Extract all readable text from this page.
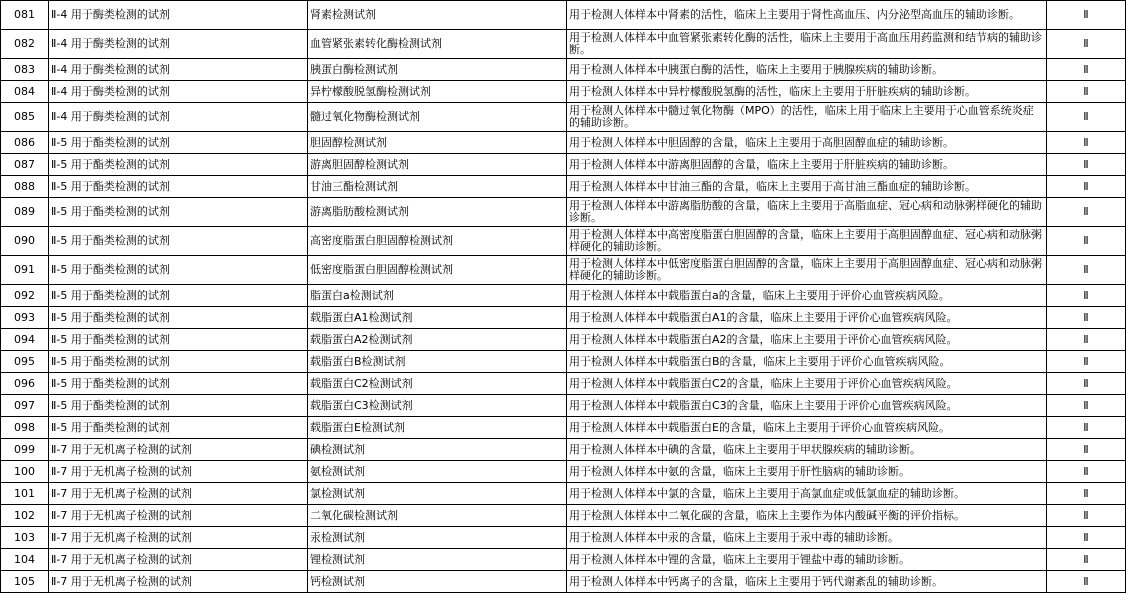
081	Ⅱ-4 用于酶类检测的试剂	肾素检测试剂	用于检测人体样本中肾素的活性，临床上主要用于肾性高血压、内分泌型高血压的辅助诊断。	Ⅱ
082	Ⅱ-4 用于酶类检测的试剂	血管紧张素转化酶检测试剂	用于检测人体样本中血管紧张素转化酶的活性，临床上主要用于高血压用药监测和结节病的辅助诊断。	Ⅱ
083	Ⅱ-4 用于酶类检测的试剂	胰蛋白酶检测试剂	用于检测人体样本中胰蛋白酶的活性，临床上主要用于胰腺疾病的辅助诊断。	Ⅱ
084	Ⅱ-4 用于酶类检测的试剂	异柠檬酸脱氢酶检测试剂	用于检测人体样本中异柠檬酸脱氢酶的活性，临床上主要用于肝脏疾病的辅助诊断。	Ⅱ
085	Ⅱ-4 用于酶类检测的试剂	髓过氧化物酶检测试剂	用于检测人体样本中髓过氧化物酶（MPO）的活性，临床上用于临床上主要用于心血管系统炎症的辅助诊断。	Ⅱ
086	Ⅱ-5 用于酯类检测的试剂	胆固醇检测试剂	用于检测人体样本中胆固醇的含量，临床上主要用于高胆固醇血症的辅助诊断。	Ⅱ
087	Ⅱ-5 用于酯类检测的试剂	游离胆固醇检测试剂	用于检测人体样本中游离胆固醇的含量，临床上主要用于肝脏疾病的辅助诊断。	Ⅱ
088	Ⅱ-5 用于酯类检测的试剂	甘油三酯检测试剂	用于检测人体样本中甘油三酯的含量，临床上主要用于高甘油三酯血症的辅助诊断。	Ⅱ
089	Ⅱ-5 用于酯类检测的试剂	游离脂肪酸检测试剂	用于检测人体样本中游离脂肪酸的含量，临床上主要用于高脂血症、冠心病和动脉粥样硬化的辅助诊断。	Ⅱ
090	Ⅱ-5 用于酯类检测的试剂	高密度脂蛋白胆固醇检测试剂	用于检测人体样本中高密度脂蛋白胆固醇的含量，临床上主要用于高胆固醇血症、冠心病和动脉粥样硬化的辅助诊断。	Ⅱ
091	Ⅱ-5 用于酯类检测的试剂	低密度脂蛋白胆固醇检测试剂	用于检测人体样本中低密度脂蛋白胆固醇的含量，临床上主要用于高胆固醇血症、冠心病和动脉粥样硬化的辅助诊断。	Ⅱ
092	Ⅱ-5 用于酯类检测的试剂	脂蛋白a检测试剂	用于检测人体样本中载脂蛋白a的含量，临床上主要用于评价心血管疾病风险。	Ⅱ
093	Ⅱ-5 用于酯类检测的试剂	载脂蛋白A1检测试剂	用于检测人体样本中载脂蛋白A1的含量，临床上主要用于评价心血管疾病风险。	Ⅱ
094	Ⅱ-5 用于酯类检测的试剂	载脂蛋白A2检测试剂	用于检测人体样本中载脂蛋白A2的含量，临床上主要用于评价心血管疾病风险。	Ⅱ
095	Ⅱ-5 用于酯类检测的试剂	载脂蛋白B检测试剂	用于检测人体样本中载脂蛋白B的含量，临床上主要用于评价心血管疾病风险。	Ⅱ
096	Ⅱ-5 用于酯类检测的试剂	载脂蛋白C2检测试剂	用于检测人体样本中载脂蛋白C2的含量，临床上主要用于评价心血管疾病风险。	Ⅱ
097	Ⅱ-5 用于酯类检测的试剂	载脂蛋白C3检测试剂	用于检测人体样本中载脂蛋白C3的含量，临床上主要用于评价心血管疾病风险。	Ⅱ
098	Ⅱ-5 用于酯类检测的试剂	载脂蛋白E检测试剂	用于检测人体样本中载脂蛋白E的含量，临床上主要用于评价心血管疾病风险。	Ⅱ
099	Ⅱ-7 用于无机离子检测的试剂	碘检测试剂	用于检测人体样本中碘的含量，临床上主要用于甲状腺疾病的辅助诊断。	Ⅱ
100	Ⅱ-7 用于无机离子检测的试剂	氨检测试剂	用于检测人体样本中氨的含量，临床上主要用于肝性脑病的辅助诊断。	Ⅱ
101	Ⅱ-7 用于无机离子检测的试剂	氯检测试剂	用于检测人体样本中氯的含量，临床上主要用于高氯血症或低氯血症的辅助诊断。	Ⅱ
102	Ⅱ-7 用于无机离子检测的试剂	二氧化碳检测试剂	用于检测人体样本中二氧化碳的含量，临床上主要作为体内酸碱平衡的评价指标。	Ⅱ
103	Ⅱ-7 用于无机离子检测的试剂	汞检测试剂	用于检测人体样本中汞的含量，临床上主要用于汞中毒的辅助诊断。	Ⅱ
104	Ⅱ-7 用于无机离子检测的试剂	锂检测试剂	用于检测人体样本中锂的含量，临床上主要用于锂盐中毒的辅助诊断。	Ⅱ
105	Ⅱ-7 用于无机离子检测的试剂	钙检测试剂	用于检测人体样本中钙离子的含量，临床上主要用于钙代谢紊乱的辅助诊断。	Ⅱ
